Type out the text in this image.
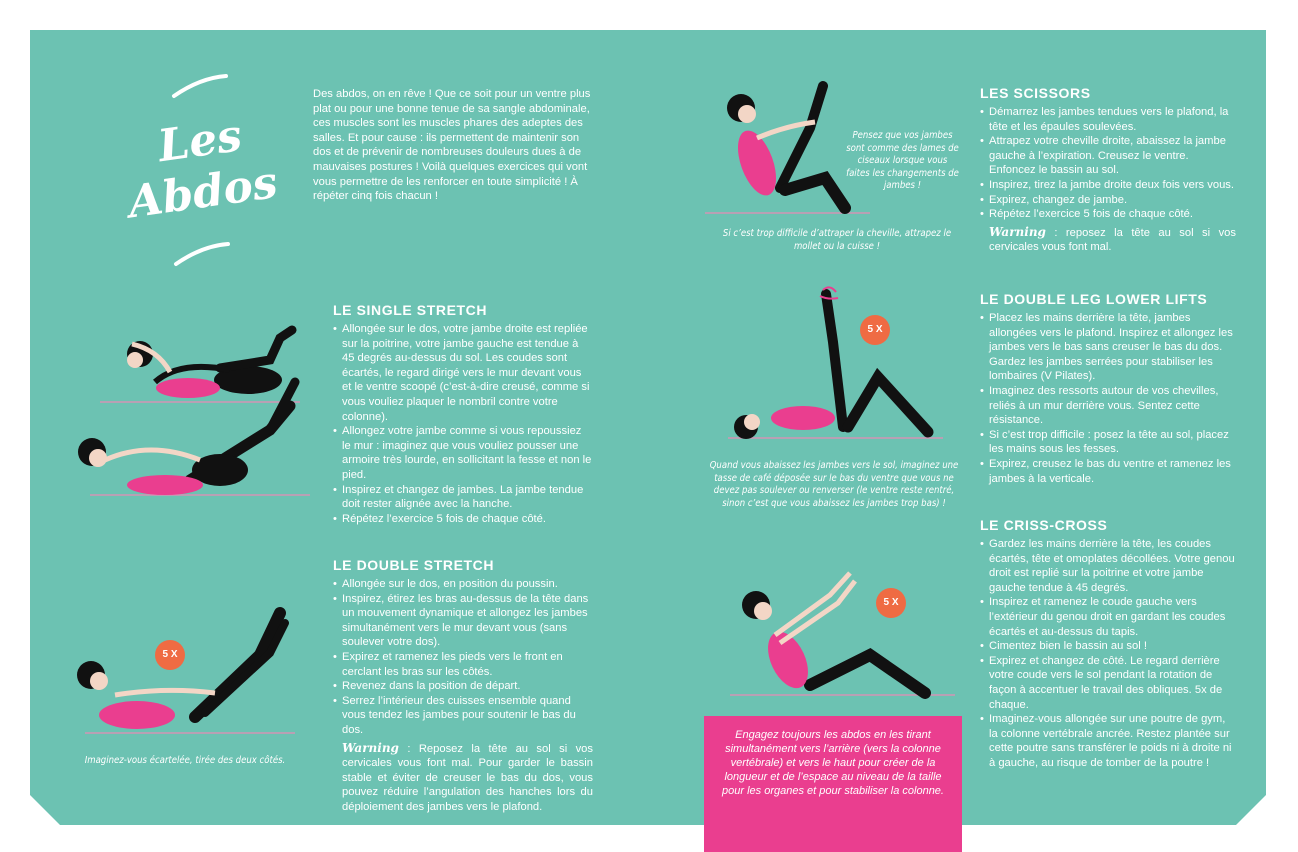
Les
Abdos
Des abdos, on en rêve ! Que ce soit pour un ventre plus plat ou pour une bonne tenue de sa sangle abdominale, ces muscles sont les muscles phares des adeptes des salles. Et pour cause : ils permettent de maintenir son dos et de prévenir de nombreuses douleurs dues à de mauvaises postures ! Voilà quelques exercices qui vont vous permettre de les renforcer en toute simplicité ! À répéter cinq fois chacun !
LE SINGLE STRETCH
• Allongée sur le dos, votre jambe droite est repliée sur la poitrine, votre jambe gauche est tendue à 45 degrés au-dessus du sol. Les coudes sont écartés, le regard dirigé vers le mur devant vous et le ventre scoopé (c’est-à-dire creusé, comme si vous vouliez plaquer le nombril contre votre colonne).
• Allongez votre jambe comme si vous repoussiez le mur : imaginez que vous vouliez pousser une armoire très lourde, en sollicitant la fesse et non le pied.
• Inspirez et changez de jambes. La jambe tendue doit rester alignée avec la hanche.
• Répétez l’exercice 5 fois de chaque côté.
5 X
Imaginez-vous écartelée, tirée des deux côtés.
LE DOUBLE STRETCH
• Allongée sur le dos, en position du poussin.
• Inspirez, étirez les bras au-dessus de la tête dans un mouvement dynamique et allongez les jambes simultanément vers le mur devant vous (sans soulever votre dos).
• Expirez et ramenez les pieds vers le front en cerclant les bras sur les côtés.
• Revenez dans la position de départ.
• Serrez l’intérieur des cuisses ensemble quand vous tendez les jambes pour soutenir le bas du dos.
Warning : Reposez la tête au sol si vos cervicales vous font mal. Pour garder le bassin stable et éviter de creuser le bas du dos, vous pouvez réduire l’angulation des hanches lors du déploiement des jambes vers le plafond.
Pensez que vos jambes sont comme des lames de ciseaux lorsque vous faites les changements de jambes !
Si c’est trop difficile d’attraper la cheville, attrapez le mollet ou la cuisse !
5 X
Quand vous abaissez les jambes vers le sol, imaginez une tasse de café déposée sur le bas du ventre que vous ne devez pas soulever ou renverser (le ventre reste rentré, sinon c’est que vous abaissez les jambes trop bas) !
5 X
Engagez toujours les abdos en les tirant simultanément vers l’arrière (vers la colonne vertébrale) et vers le haut pour créer de la longueur et de l’espace au niveau de la taille pour les organes et pour stabiliser la colonne.
LES SCISSORS
• Démarrez les jambes tendues vers le plafond, la tête et les épaules soulevées.
• Attrapez votre cheville droite, abaissez la jambe gauche à l’expiration. Creusez le ventre. Enfoncez le bassin au sol.
• Inspirez, tirez la jambe droite deux fois vers vous.
• Expirez, changez de jambe.
• Répétez l’exercice 5 fois de chaque côté.
Warning : reposez la tête au sol si vos cervicales vous font mal.
LE DOUBLE LEG LOWER LIFTS
• Placez les mains derrière la tête, jambes allongées vers le plafond. Inspirez et allongez les jambes vers le bas sans creuser le bas du dos. Gardez les jambes serrées pour stabiliser les lombaires (V Pilates).
• Imaginez des ressorts autour de vos chevilles, reliés à un mur derrière vous. Sentez cette résistance.
• Si c’est trop difficile : posez la tête au sol, placez les mains sous les fesses.
• Expirez, creusez le bas du ventre et ramenez les jambes à la verticale.
LE CRISS-CROSS
• Gardez les mains derrière la tête, les coudes écartés, tête et omoplates décollées. Votre genou droit est replié sur la poitrine et votre jambe gauche tendue à 45 degrés.
• Inspirez et ramenez le coude gauche vers l’extérieur du genou droit en gardant les coudes écartés et au-dessus du tapis.
• Cimentez bien le bassin au sol !
• Expirez et changez de côté. Le regard derrière votre coude vers le sol pendant la rotation de façon à accentuer le travail des obliques. 5x de chaque.
• Imaginez-vous allongée sur une poutre de gym, la colonne vertébrale ancrée. Restez plantée sur cette poutre sans transférer le poids ni à droite ni à gauche, au risque de tomber de la poutre !
12	13
